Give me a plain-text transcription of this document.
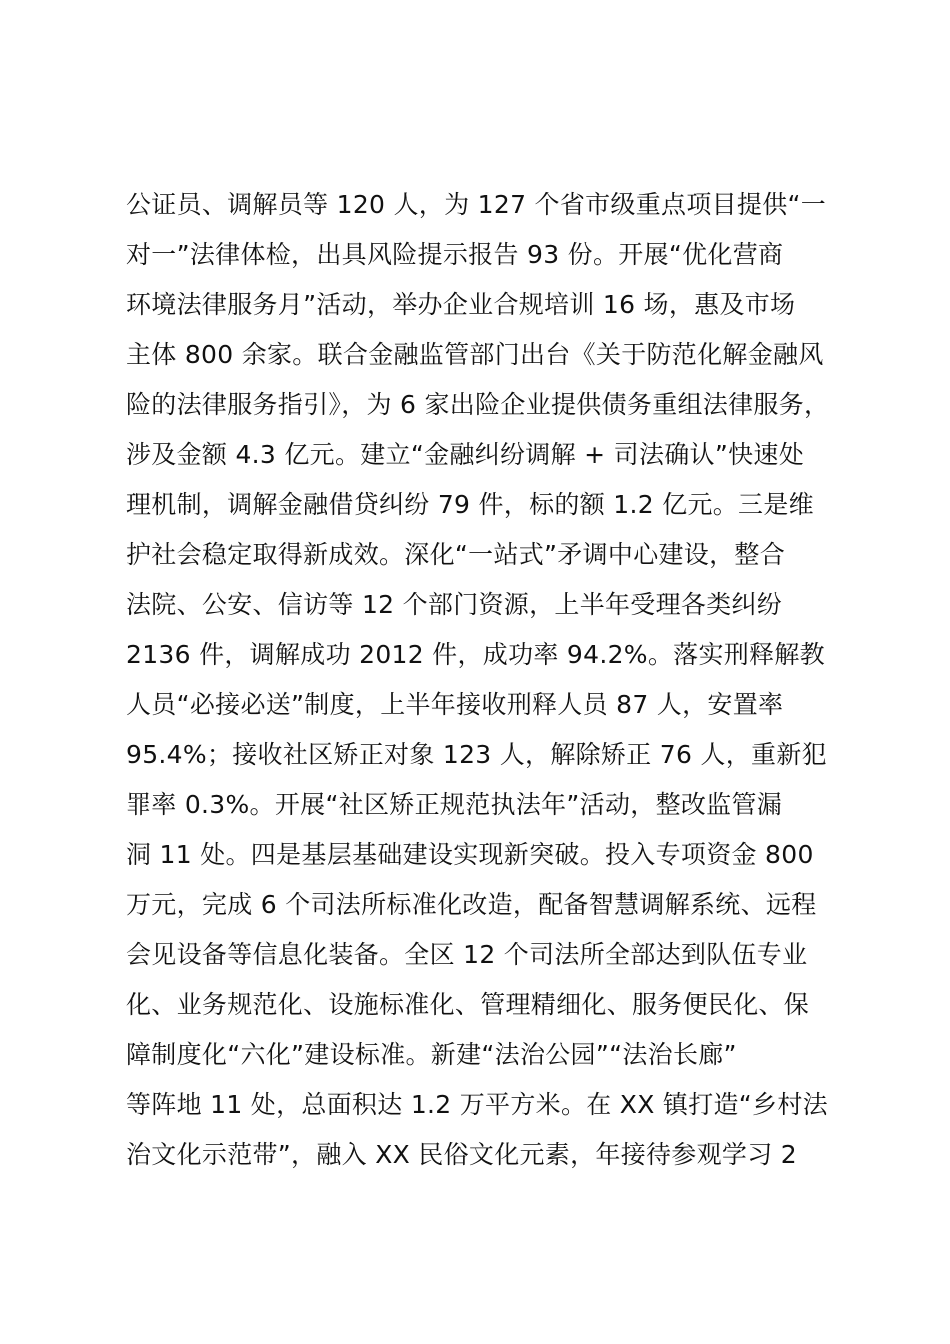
公证员、调解员等 120 人，为 127 个省市级重点项目提供“一
对一”法律体检，出具风险提示报告 93 份。开展“优化营商
环境法律服务月”活动，举办企业合规培训 16 场，惠及市场
主体 800 余家。联合金融监管部门出台《关于防范化解金融风
险的法律服务指引》，为 6 家出险企业提供债务重组法律服务，
涉及金额 4.3 亿元。建立“金融纠纷调解 + 司法确认”快速处
理机制，调解金融借贷纠纷 79 件，标的额 1.2 亿元。三是维
护社会稳定取得新成效。深化“一站式”矛调中心建设，整合
法院、公安、信访等 12 个部门资源，上半年受理各类纠纷
2136 件，调解成功 2012 件，成功率 94.2%。落实刑释解教
人员“必接必送”制度，上半年接收刑释人员 87 人，安置率
95.4%；接收社区矫正对象 123 人，解除矫正 76 人，重新犯
罪率 0.3%。开展“社区矫正规范执法年”活动，整改监管漏
洞 11 处。四是基层基础建设实现新突破。投入专项资金 800
万元，完成 6 个司法所标准化改造，配备智慧调解系统、远程
会见设备等信息化装备。全区 12 个司法所全部达到队伍专业
化、业务规范化、设施标准化、管理精细化、服务便民化、保
障制度化“六化”建设标准。新建“法治公园”“法治长廊”
等阵地 11 处，总面积达 1.2 万平方米。在 XX 镇打造“乡村法
治文化示范带”，融入 XX 民俗文化元素，年接待参观学习 2
